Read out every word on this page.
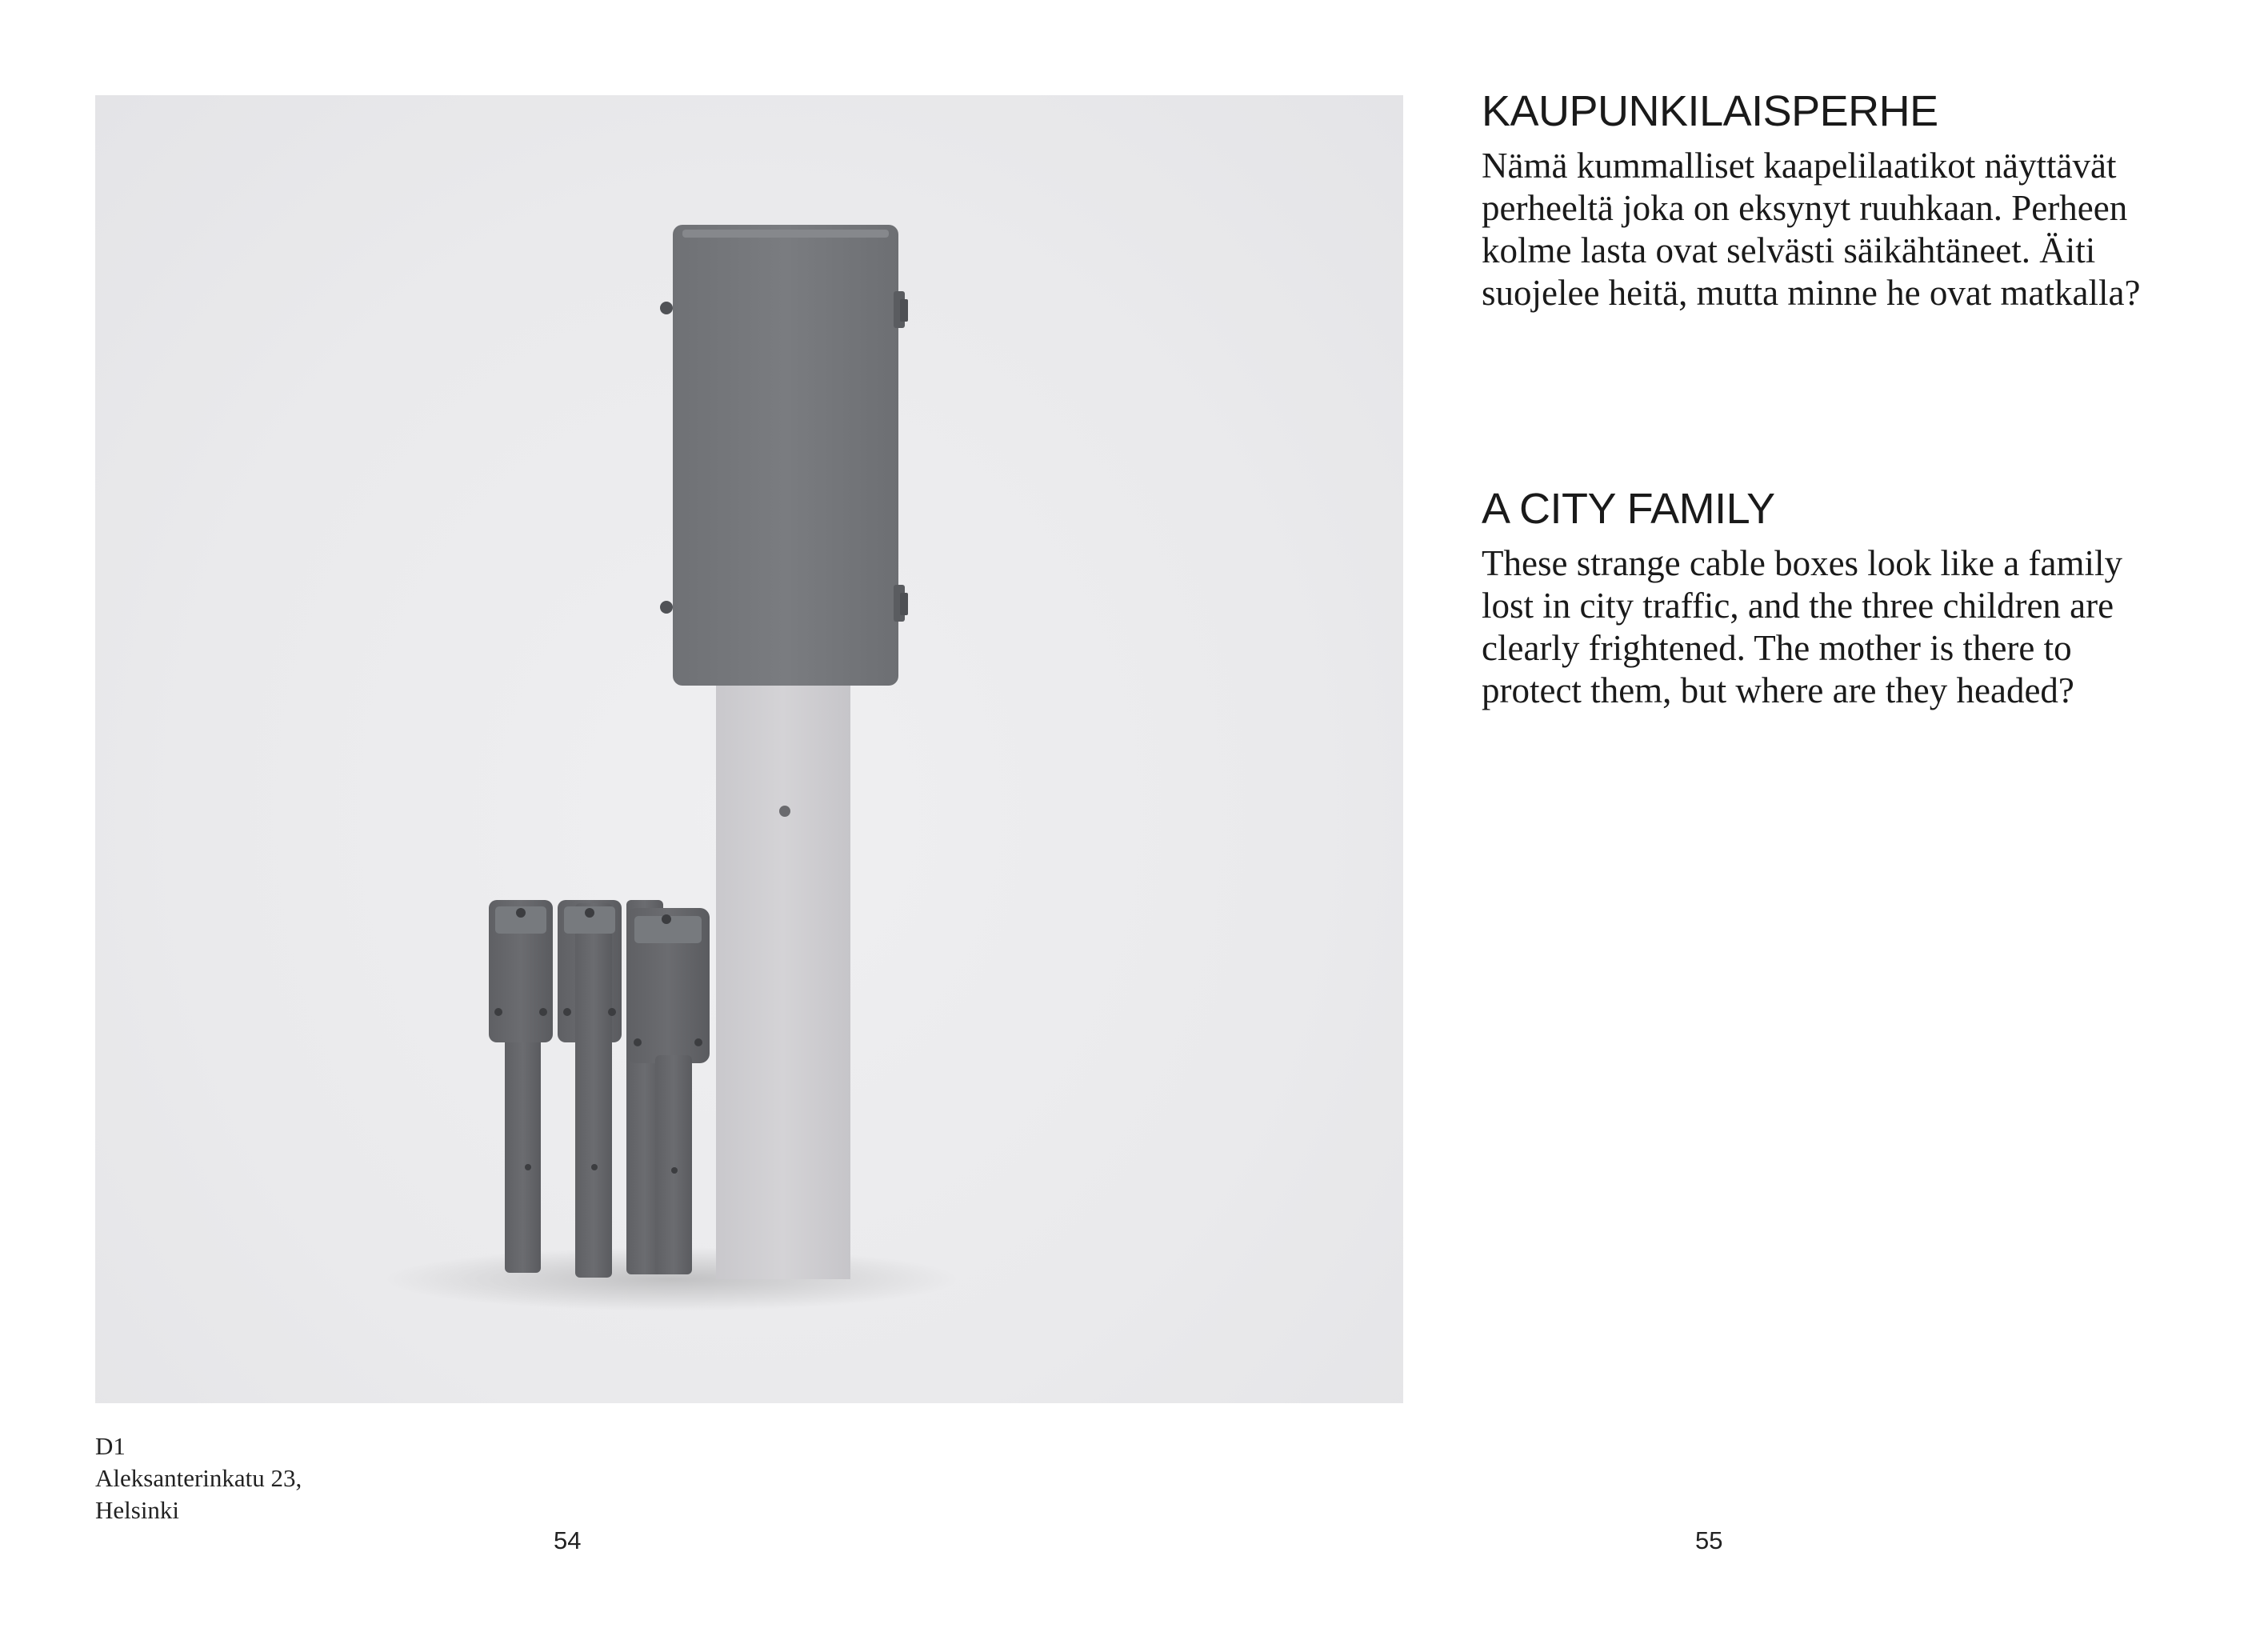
D1
Aleksanterinkatu 23,
Helsinki
54	55
KAUPUNKILAISPERHE

Nämä kummalliset kaapelilaatikot näyttävät
perheeltä joka on eksynyt ruuhkaan. Perheen
kolme lasta ovat selvästi säikähtäneet. Äiti
suojelee heitä, mutta minne he ovat matkalla?

A CITY FAMILY

These strange cable boxes look like a family
lost in city traffic, and the three children are
clearly frightened. The mother is there to
protect them, but where are they headed?
